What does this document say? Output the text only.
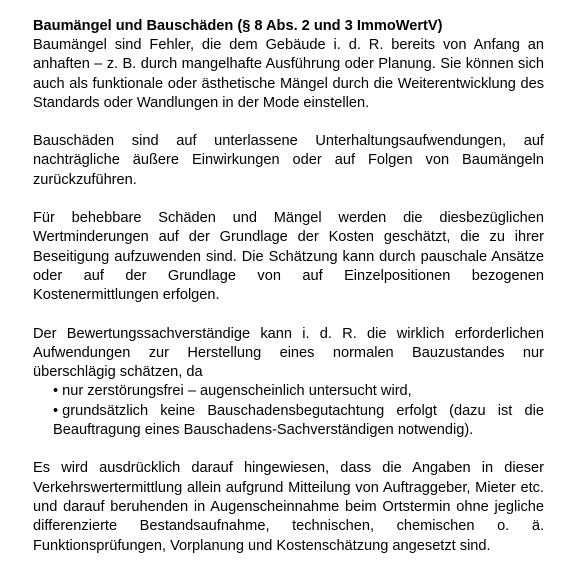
Baumängel und Bauschäden (§ 8 Abs. 2 und 3 ImmoWertV)

Baumängel sind Fehler, die dem Gebäude i. d. R. bereits von Anfang an anhaften – z. B. durch mangelhafte Ausführung oder Planung. Sie können sich auch als funktionale oder ästhetische Mängel durch die Weiterentwicklung des Standards oder Wandlungen in der Mode einstellen.

Bauschäden sind auf unterlassene Unterhaltungsaufwendungen, auf nachträgliche äußere Einwirkungen oder auf Folgen von Baumängeln zurückzuführen.

Für behebbare Schäden und Mängel werden die diesbezüglichen Wertminderungen auf der Grundlage der Kosten geschätzt, die zu ihrer Beseitigung aufzuwenden sind. Die Schätzung kann durch pauschale Ansätze oder auf der Grundlage von auf Einzelpositionen bezogenen Kostenermittlungen erfolgen.

Der Bewertungssachverständige kann i. d. R. die wirklich erforderlichen Aufwendungen zur Herstellung eines normalen Bauzustandes nur überschlägig schätzen, da

• nur zerstörungsfrei – augenscheinlich untersucht wird,
• grundsätzlich keine Bauschadensbegutachtung erfolgt (dazu ist die Beauftragung eines Bauschadens-Sachverständigen notwendig).

Es wird ausdrücklich darauf hingewiesen, dass die Angaben in dieser Verkehrswertermittlung allein aufgrund Mitteilung von Auftraggeber, Mieter etc. und darauf beruhenden in Augenscheinnahme beim Ortstermin ohne jegliche differenzierte Bestandsaufnahme, technischen, chemischen o. ä. Funktionsprüfungen, Vorplanung und Kostenschätzung angesetzt sind.
